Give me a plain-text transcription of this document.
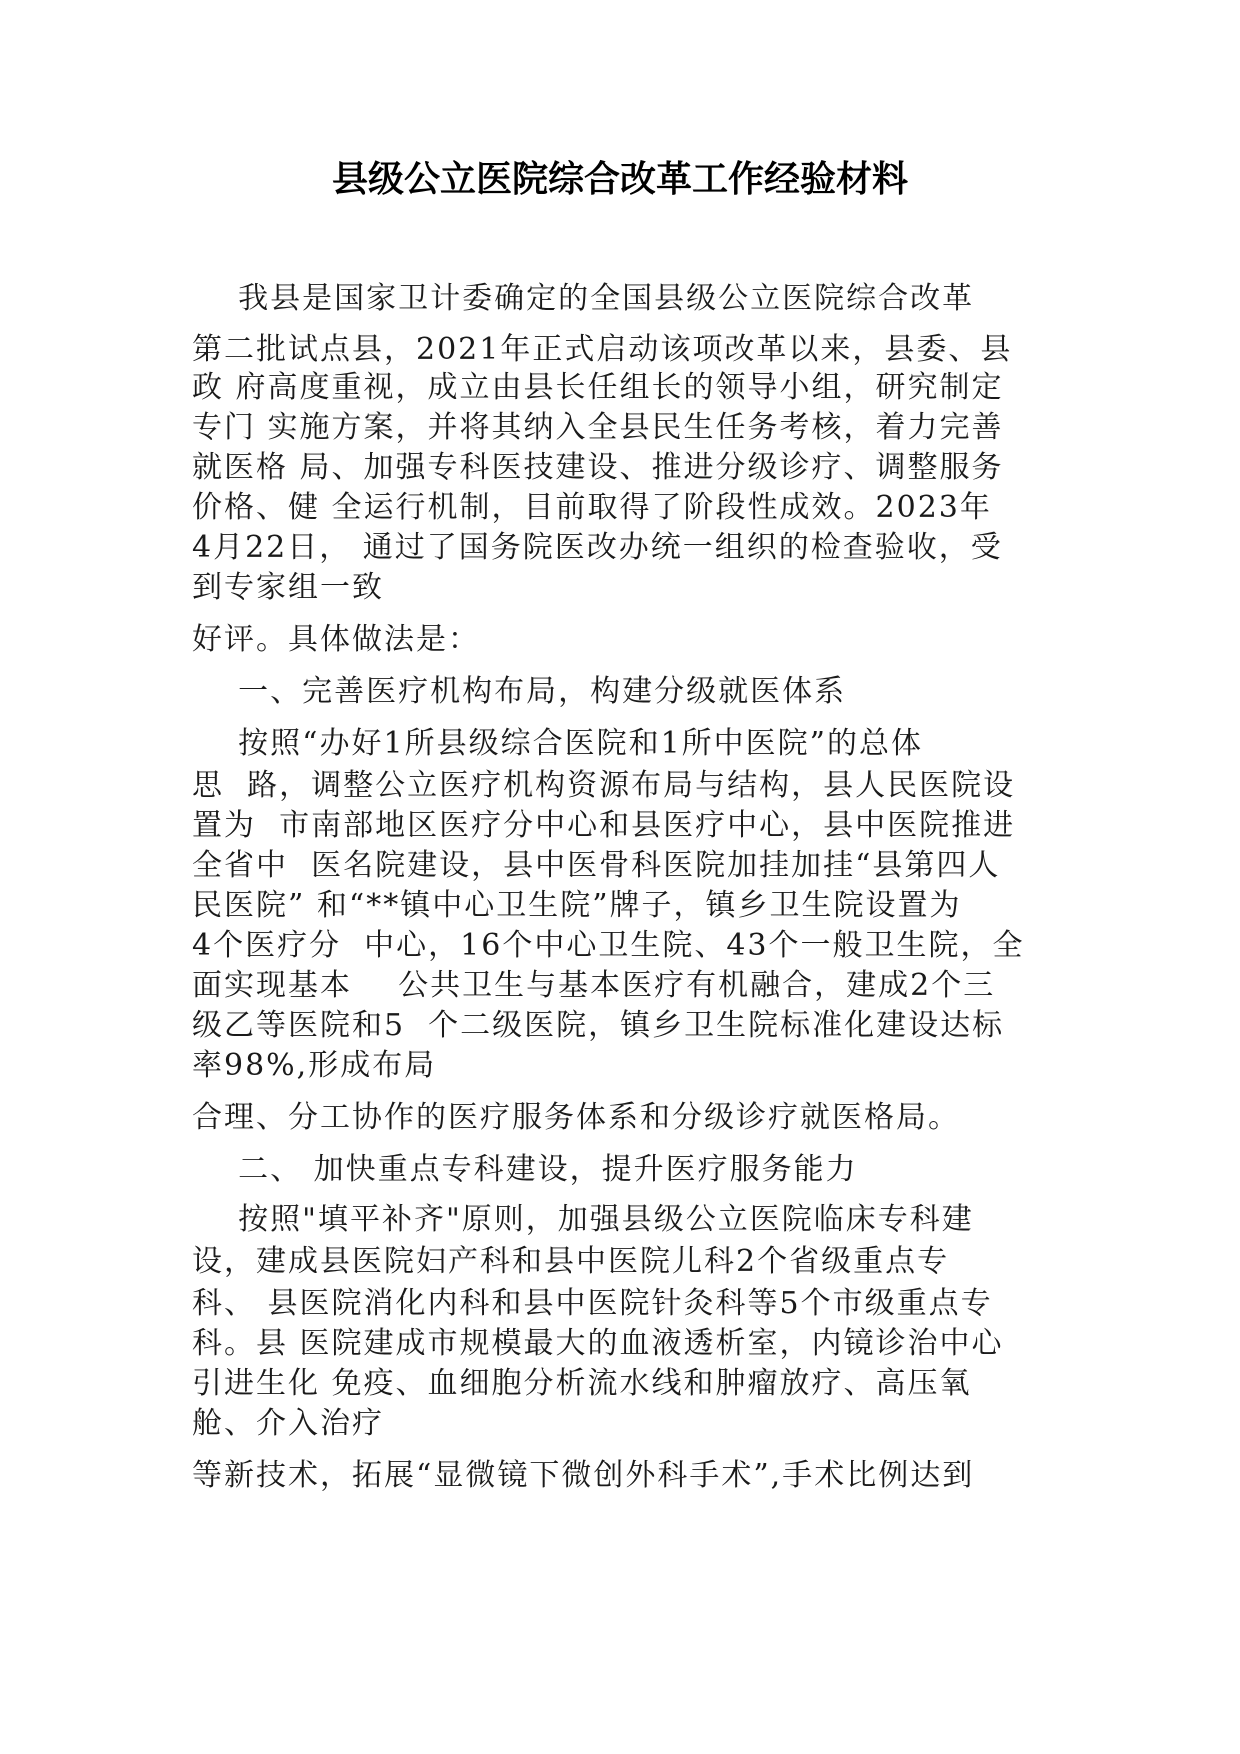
县级公立医院综合改革工作经验材料
我县是国家卫计委确定的全国县级公立医院综合改革
第二批试点县，2021年正式启动该项改革以来，县委、县
政 府高度重视，成立由县长任组长的领导小组，研究制定
专门 实施方案，并将其纳入全县民生任务考核，着力完善
就医格 局、加强专科医技建设、推进分级诊疗、调整服务
价格、健 全运行机制，目前取得了阶段性成效。2023年
4月22日， 通过了国务院医改办统一组织的检查验收，受
到专家组一致
好评。具体做法是：
一、完善医疗机构布局，构建分级就医体系
按照“办好1所县级综合医院和1所中医院”的总体
思  路，调整公立医疗机构资源布局与结构，县人民医院设
置为  市南部地区医疗分中心和县医疗中心，县中医院推进
全省中  医名院建设，县中医骨科医院加挂加挂“县第四人
民医院” 和“**镇中心卫生院”牌子，镇乡卫生院设置为
4个医疗分  中心，16个中心卫生院、43个一般卫生院，全
面实现基本    公共卫生与基本医疗有机融合，建成2个三
级乙等医院和5  个二级医院，镇乡卫生院标准化建设达标
率98%,形成布局
合理、分工协作的医疗服务体系和分级诊疗就医格局。
二、 加快重点专科建设，提升医疗服务能力
按照"填平补齐"原则，加强县级公立医院临床专科建
设，建成县医院妇产科和县中医院儿科2个省级重点专
科、 县医院消化内科和县中医院针灸科等5个市级重点专
科。县 医院建成市规模最大的血液透析室，内镜诊治中心
引进生化 免疫、血细胞分析流水线和肿瘤放疗、高压氧
舱、介入治疗
等新技术，拓展“显微镜下微创外科手术”,手术比例达到
